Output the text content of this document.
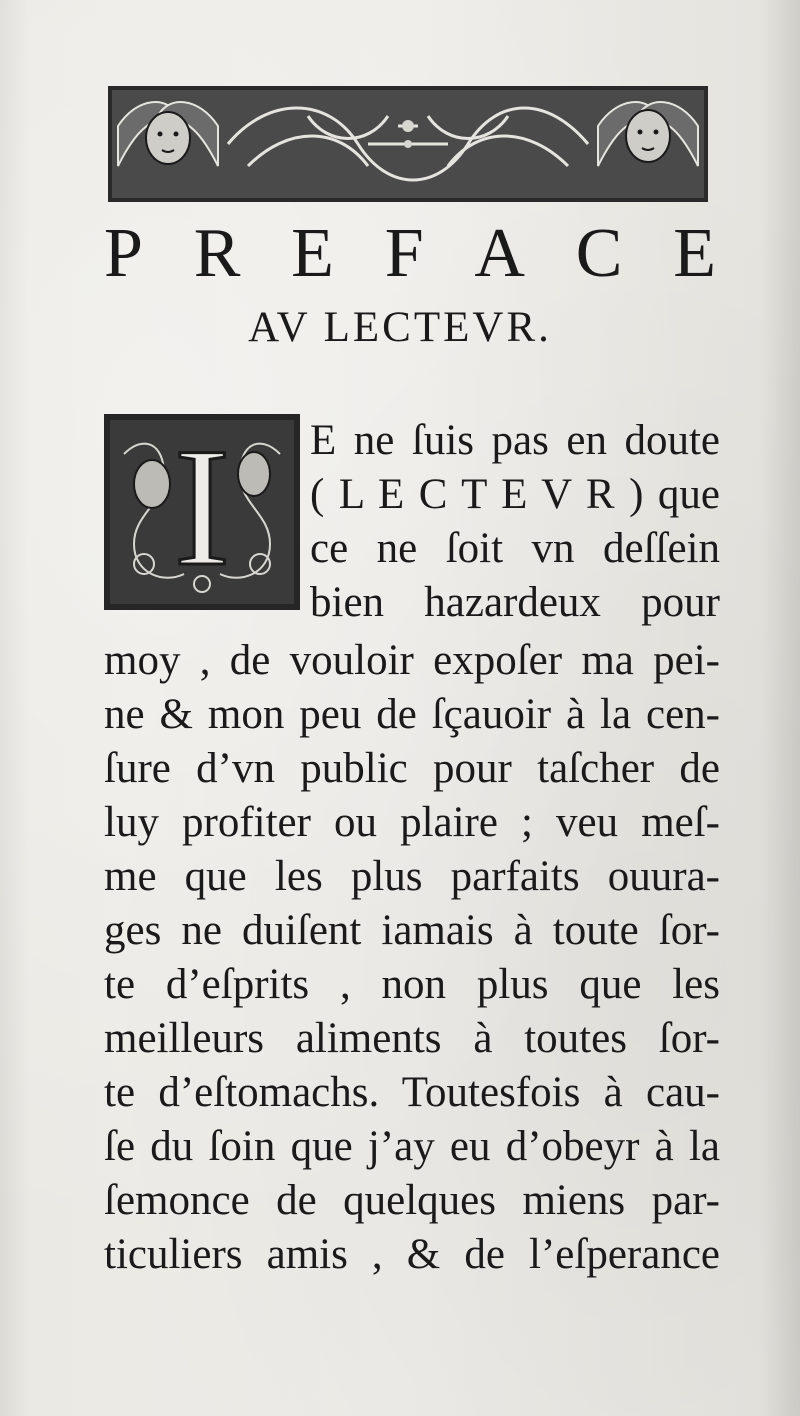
P R E F A C E
AV LECTEVR.
I E ne ſuis pas en doute
( L E C T E V R ) que
ce ne ſoit vn deſſein
bien hazardeux pour
moy , de vouloir expoſer ma pei-
ne & mon peu de ſçauoir à la cen-
ſure d’vn public pour taſcher de
luy profiter ou plaire ; veu meſ-
me que les plus parfaits ouura-
ges ne duiſent iamais à toute ſor-
te d’eſprits , non plus que les
meilleurs aliments à toutes ſor-
te d’eſtomachs. Toutesfois à cau-
ſe du ſoin que j’ay eu d’obeyr à la
ſemonce de quelques miens par-
ticuliers amis , & de l’eſperance
